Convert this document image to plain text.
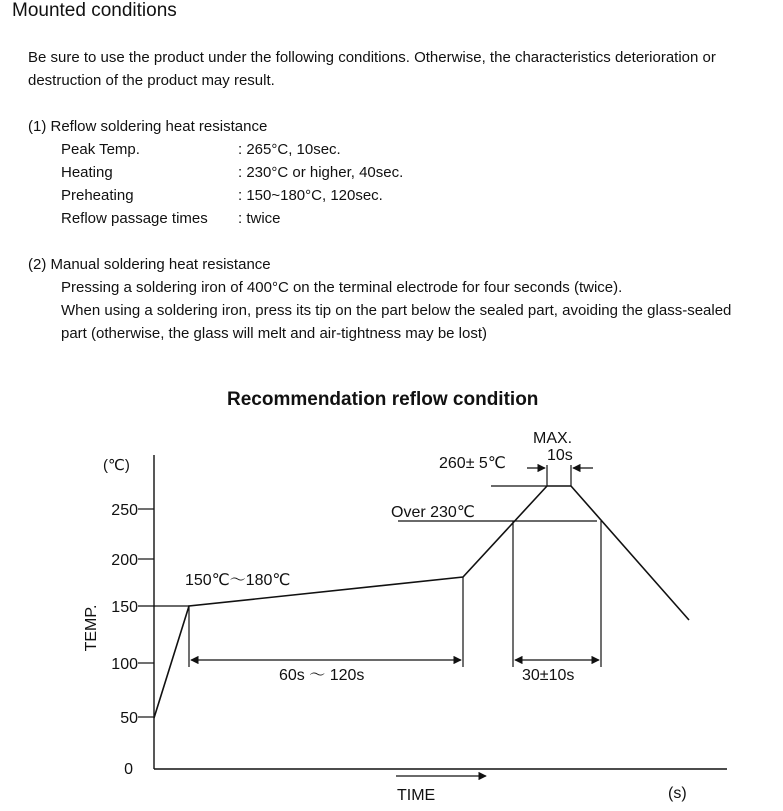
Mounted conditions
Be sure to use the product under the following conditions. Otherwise, the characteristics deterioration or
destruction of the product may result.
(1) Reflow soldering heat resistance
Peak Temp.	: 265°C, 10sec.
Heating	: 230°C or higher, 40sec.
Preheating	: 150~180°C, 120sec.
Reflow passage times : twice
(2) Manual soldering heat resistance
Pressing a soldering iron of 400°C on the terminal electrode for four seconds (twice).
When using a soldering iron, press its tip on the part below the sealed part, avoiding the glass-sealed
part (otherwise, the glass will melt and air-tightness may be lost)
Recommendation reflow condition
250
200
150
100
50
0
(℃)
TEMP.
150℃～180℃
60s ～ 120s
Over 230℃
30±10s
260± 5℃
MAX.
10s
TIME	(s)
